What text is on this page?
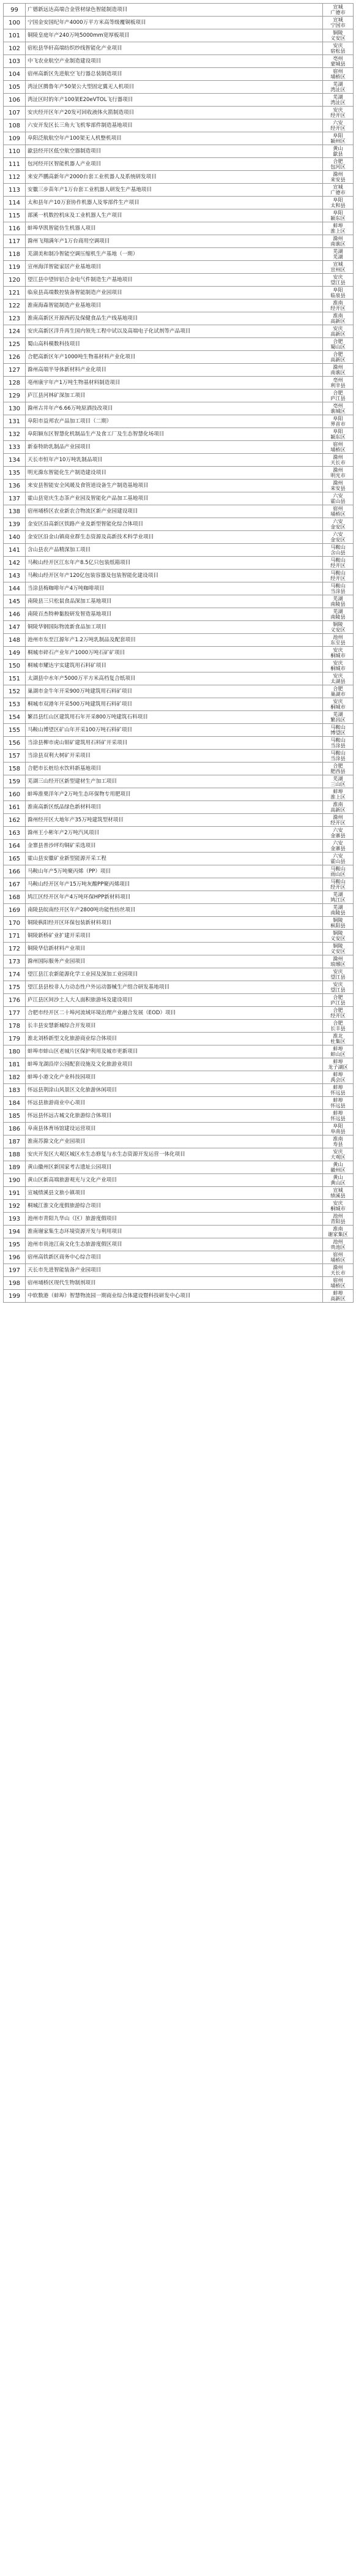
99	广德新远达高端合金管材绿色智能制造项目	宣城
广德市
100	宁国金安国纪年产4000万平方米高等级覆铜板项目	宣城
宁国市
101	铜陵皇庭年产240万吨5000mm宽厚板项目	铜陵
义安区
102	宿松县华轩高端纺织纱线智能化产业项目	安庆
宿松县
103	中飞农业航空产业制造建设项目	亳州
蒙城县
104	宿州高新区先进航空飞行器总装制造项目	宿州
埇桥区
105	湾沚区腾鲁年产50架公大型固定翼无人机项目	芜湖
湾沚区
106	湾沚区时的年产100架E20eVTOL飞行器项目	芜湖
湾沚区
107	安庆经开区年产20发可回收液体火箭制造项目	安庆
经开区
108	六安开发区长三角大飞机零部件制造基地项目	六安
经开区
109	阜阳泛航航空年产100架无人机整机项目	阜阳
颍州区
110	歙县经开区低空航空器制造项目	黄山
歙县
111	包河经开区智能机器人产业项目	合肥
包河区
112	来安芦鹏高新年产2000台套工业机器人及系统研发项目	滁州
来安县
113	安徽三步苗年产1万台套工业机器人研发生产基地项目	宣城
广德市
114	太和县年产10万套协作机器人及零部件生产项目	阜阳
太和县
115	部溪一机数控机床及工业机器人生产项目	阜阳
颍东区
116	蚌埠华凯智能仿生机器人项目	蚌埠
淮上区
117	滁州飞翔满年产1万台商用空调项目	滁州
南谯区
118	芜湖美和制冷智能空调压缩机生产基地（一期）	芜湖
芜湖
119	宣州海洋智能家居产业基地项目	宣城
宣州区
120	望江县中望锌铝合金电气件制造生产基地项目	安庆
望江县
121	临泉县高端数控装备智能制造产业园项目	阜阳
临泉县
122	淮南海森智能制造产业基地项目	淮南
经开区
123	淮南高新区开源西药及保健食品生产线基地项目	淮南
高新区
124	安庆高新区洋升再生国内领先工程中试以及高端电子化试剂等产品项目	安庆
高新区
125	蜀山高科模数科技项目	合肥
蜀山区
126	合肥高新区年产1000吨生物基材料产业化项目	合肥
高新区
127	滁州高端半导体新材料产业化项目	滁州
南谯区
128	亳州康宇年产1万吨生物基材料制造项目	亳州
利辛县
129	庐江县河林矿深加工项目	合肥
庐江县
130	滁州古井年产6.66万吨原酒技改项目	亳州
谯城区
131	阜阳市益邦农产品加工项目（二期）	阜阳
界首市
132	阜阳颍东区智慧化机制品生产及食工厂及生态智慧化场项目	阜阳
颍东区
133	新泰特助乳制品产业园项目	宿州
埇桥区
134	天长市恒年产10万吨乳制品项目	滁州
天长市
135	明光滁东智能化生产制造建设项目	滁州
明光市
136	来安县智能安全风暖及食管道设备生产制造基地项目	滁州
来安县
137	霍山县宽庆生态茶产业园及智能化产品加工基地项目	六安
霍山县
138	宿州埇桥区农业新农合物流区新产业园建设项目	宿州
埇桥区
139	金安区沿高新区铁路产业及新型智能化综合体项目	六安
金安区
140	金安区沿金山镇商业群生态资源及高新技术科学业项目	六安
金安区
141	含山县农产品精深加工项目	马鞍山
含山县
142	马鞍山经开区江东年产8.5亿只包装纸箱项目	马鞍山
经开区
143	马鞍山经开区年产120亿包装容器及包装智能化建设项目	马鞍山
经开区
144	当涂县梅咖啡年产4万吨咖啡项目	马鞍山
当涂县
145	南陵县三只松鼠食品深加工基地项目	芜湖
南陵县
146	南陵百杰特种黏胶研发智造基地项目	芜湖
南陵县
147	铜陵华钢国际物流新食品加工项目	铜陵
义安区
148	池州市东至江源年产1.2万吨乳制品及配套项目	池州
东至县
149	桐城市碎石产业年产1000万吨石矿矿项目	安庆
桐城市
150	桐城市耀达宇实建筑用石料矿项目	安庆
桐城市
151	太湖县中水年产5000万平方米高档复合纸项目	安庆
太湖县
152	巢湖市金牛年开采900万吨建筑用石料矿项目	合肥
巢湖市
153	桐城市双港年开采500万吨建筑用石料矿项目	安庆
桐城市
154	繁昌县红山区建筑用石年开采800万吨建筑石料项目	芜湖
繁昌区
155	马鞍山博望区矿山年开采100万吨石料矿项目	马鞍山
博望区
156	当涂县柳市虎山钼矿建筑用石料矿开采项目	马鞍山
当涂县
157	当涂县双利大树矿开采项目	马鞍山
当涂县
158	合肥市长桩给水饮料新基地项目	合肥
肥西县
159	芜湖三山经开区新型建材生产加工项目	芜湖
三山区
160	蚌埠淮栗洋年产2万吨生态环保物专用肥项目	蚌埠
淮上区
161	淮南高新区纸品绿色新材料项目	淮南
高新区
162	滁州经开区大地年产35万吨建筑型材项目	滁州
经开区
163	滁州王小彬年产2万吨汽风项目	六安
金寨县
164	金寨县普沙坪均铜矿采选项目	六安
金寨县
165	霍山县安徽矿业新型能源开采工程	六安
霍山县
166	马鞍山年产5万吨聚丙烯（PP）项目	马鞍山
雨山区
167	马鞍山经开区年产15万吨灰酸PP聚丙烯项目	马鞍山
经开区
168	鸠江区经开区年产4万吨环保HPP新材料项目	芜湖
鸠江区
169	南陵县皖南经开区年产2800吨功能性纺丝项目	芜湖
南陵县
170	铜陵枞阳经开区环保包装新材料项目	铜陵
枞阳县
171	铜陵新桥矿业扩建开采项目	铜陵
义安区
172	铜陵华信新材料产业项目	铜陵
义安区
173	滁州国际服务产业园项目	滁州
琅琊区
174	望江县江农新能源化学工业园及深加工业园项目	安庆
望江县
175	望江县县校非人力动态性户外运动器械生产组合研发基地项目	安庆
望江县
176	庐江县区间沙土人大人面积旅游场及建设项目	合肥
庐江县
177	合肥市经开区二十埠河流域环境治理产业融合发展（EOD）项目	合肥
经开区
178	长丰县安慧新城综合开发项目	合肥
长丰县
179	淮北刘桥新型文化旅游商业综合体项目	淮北
杜集区
180	蚌埠市蚌山区老城片区保护利用及城市更新项目	蚌埠
蚌山区
181	蚌埠龙湖沿岸公园配套设施及文化旅游业项目	蚌埠
龙子湖区
182	蚌埠小港文化产业科技园项目	蚌埠
禹会区
183	怀远县荆涂山风景区文化旅游休闲项目	蚌埠
怀远县
184	怀远县旅游商业中心项目	蚌埠
怀远县
185	怀远县怀远古城文化旅游综合体项目	蚌埠
怀远县
186	阜南县体育场馆建设运营项目	阜阳
阜南县
187	淮南苏滁文化产业园项目	淮南
寿县
188	安庆开发区大观区城区水生态修复与水生态资源开发运营一体化项目	安庆
大观区
189	黄山徽州区新国家考古遗址公园项目	黄山
徽州区
190	黄山区新高端旅游观光与文化产业项目	黄山
黄山区
191	宣城绩溪县文旅小镇项目	宣城
绩溪县
192	桐城江淮文化度假旅游综合项目	安庆
桐城市
193	池州市青阳九华山（区）旅游度假项目	池州
青阳县
194	淮南谢家集生态环境资源开发与利用项目	淮南
谢家集区
195	池州市贵池江南文化生态旅游度假区项目	池州
贵池区
196	宿州高铁新区商务中心综合项目	宿州
埇桥区
197	天长市先进智能装备产业园项目	滁州
天长市
198	宿州埇桥区现代生物制剂项目	宿州
埇桥区
199	中软数港（蚌埠）智慧物流园一期商业综合体建设暨科技研发中心项目	蚌埠
高新区
